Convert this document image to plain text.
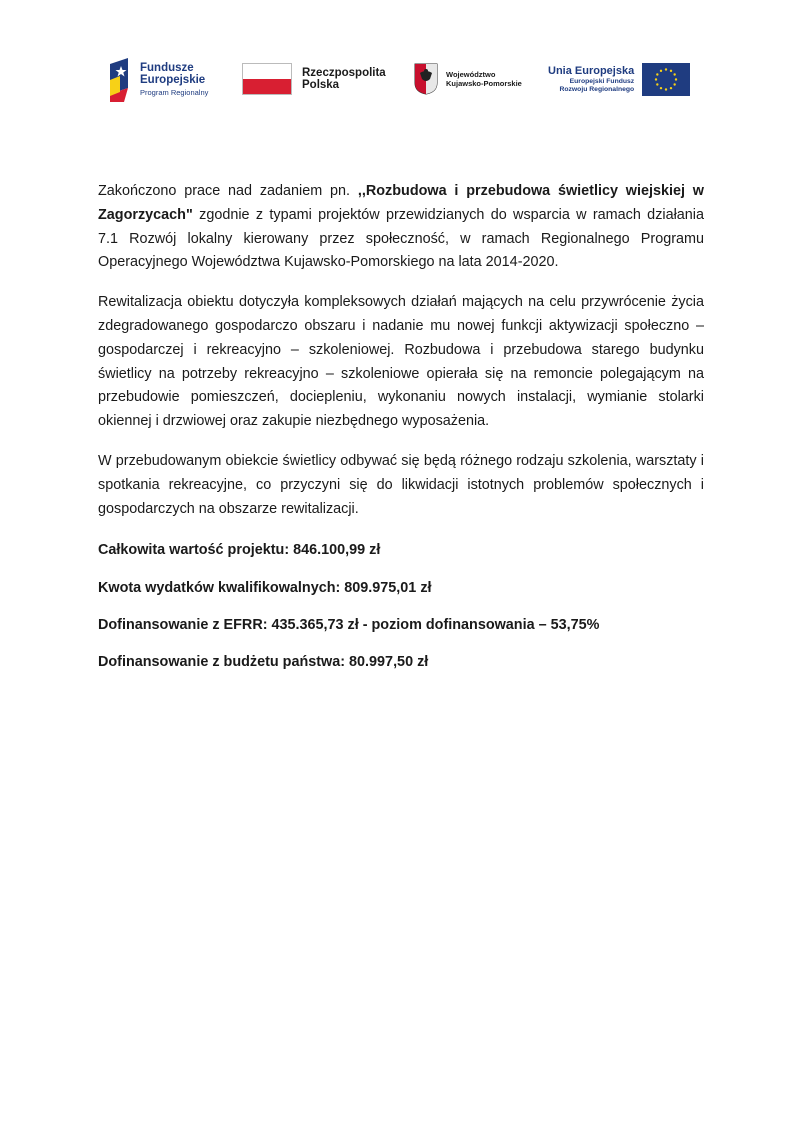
Fundusze
Europejskie
Program Regionalny
Rzeczpospolita
Polska
Województwo
Kujawsko-Pomorskie
Unia Europejska
Europejski Fundusz
Rozwoju Regionalnego

Zakończono prace nad zadaniem pn. ,,Rozbudowa i przebudowa świetlicy wiejskiej w Zagorzycach" zgodnie z typami projektów przewidzianych do wsparcia w ramach działania 7.1 Rozwój lokalny kierowany przez społeczność, w ramach Regionalnego Programu Operacyjnego Województwa Kujawsko-Pomorskiego na lata 2014-2020.

Rewitalizacja obiektu dotyczyła kompleksowych działań mających na celu przywrócenie życia zdegradowanego gospodarczo obszaru i nadanie mu nowej funkcji aktywizacji społeczno – gospodarczej i rekreacyjno – szkoleniowej. Rozbudowa i przebudowa starego budynku świetlicy na potrzeby rekreacyjno – szkoleniowe opierała się na remoncie polegającym na przebudowie pomieszczeń, dociepleniu, wykonaniu nowych instalacji, wymianie stolarki okiennej i drzwiowej oraz zakupie niezbędnego wyposażenia.

W przebudowanym obiekcie świetlicy odbywać się będą różnego rodzaju szkolenia, warsztaty i spotkania rekreacyjne, co przyczyni się do likwidacji istotnych problemów społecznych i gospodarczych na obszarze rewitalizacji.

Całkowita wartość projektu: 846.100,99 zł

Kwota wydatków kwalifikowalnych: 809.975,01 zł

Dofinansowanie z EFRR: 435.365,73 zł - poziom dofinansowania – 53,75%

Dofinansowanie z budżetu państwa: 80.997,50 zł
